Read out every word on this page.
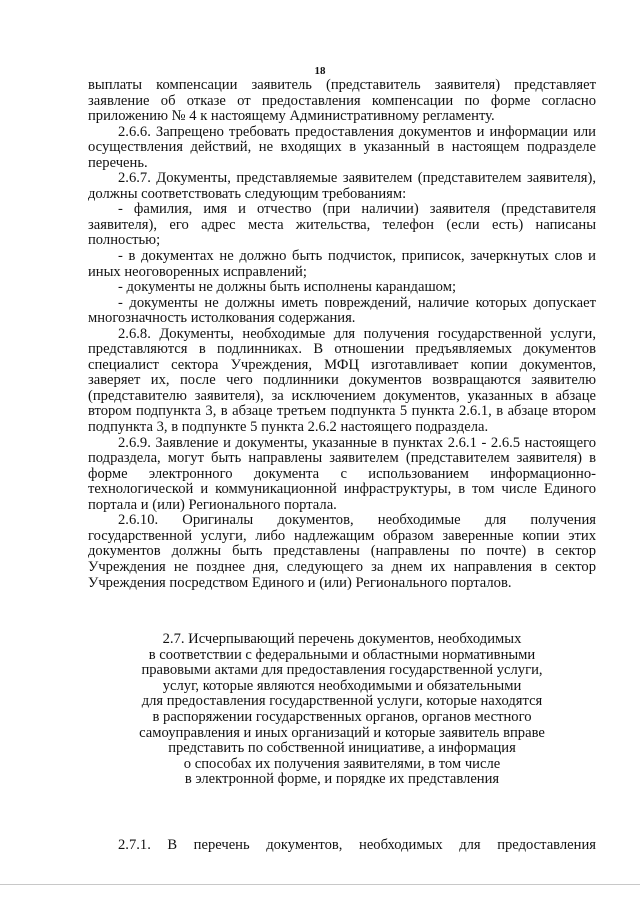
18

выплаты компенсации заявитель (представитель заявителя) представляет заявление об отказе от предоставления компенсации по форме согласно приложению № 4 к настоящему Административному регламенту.

2.6.6. Запрещено требовать предоставления документов и информации или осуществления действий, не входящих в указанный в настоящем подразделе перечень.

2.6.7. Документы, представляемые заявителем (представителем заявителя), должны соответствовать следующим требованиям:

- фамилия, имя и отчество (при наличии) заявителя (представителя заявителя), его адрес места жительства, телефон (если есть) написаны полностью;

- в документах не должно быть подчисток, приписок, зачеркнутых слов и иных неоговоренных исправлений;

- документы не должны быть исполнены карандашом;

- документы не должны иметь повреждений, наличие которых допускает многозначность истолкования содержания.

2.6.8. Документы, необходимые для получения государственной услуги, представляются в подлинниках. В отношении предъявляемых документов специалист сектора Учреждения, МФЦ изготавливает копии документов, заверяет их, после чего подлинники документов возвращаются заявителю (представителю заявителя), за исключением документов, указанных в абзаце втором подпункта 3, в абзаце третьем подпункта 5 пункта 2.6.1, в абзаце втором подпункта 3, в подпункте 5 пункта 2.6.2 настоящего подраздела.

2.6.9. Заявление и документы, указанные в пунктах 2.6.1 - 2.6.5 настоящего подраздела, могут быть направлены заявителем (представителем заявителя) в форме электронного документа с использованием информационно-технологической и коммуникационной инфраструктуры, в том числе Единого портала и (или) Регионального портала.

2.6.10. Оригиналы документов, необходимые для получения государственной услуги, либо надлежащим образом заверенные копии этих документов должны быть представлены (направлены по почте) в сектор Учреждения не позднее дня, следующего за днем их направления в сектор Учреждения посредством Единого и (или) Регионального порталов.

2.7. Исчерпывающий перечень документов, необходимых
в соответствии с федеральными и областными нормативными
правовыми актами для предоставления государственной услуги,
услуг, которые являются необходимыми и обязательными
для предоставления государственной услуги, которые находятся
в распоряжении государственных органов, органов местного
самоуправления и иных организаций и которые заявитель вправе
представить по собственной инициативе, а информация
о способах их получения заявителями, в том числе
в электронной форме, и порядке их представления
2.7.1. В перечень документов, необходимых для предоставления
